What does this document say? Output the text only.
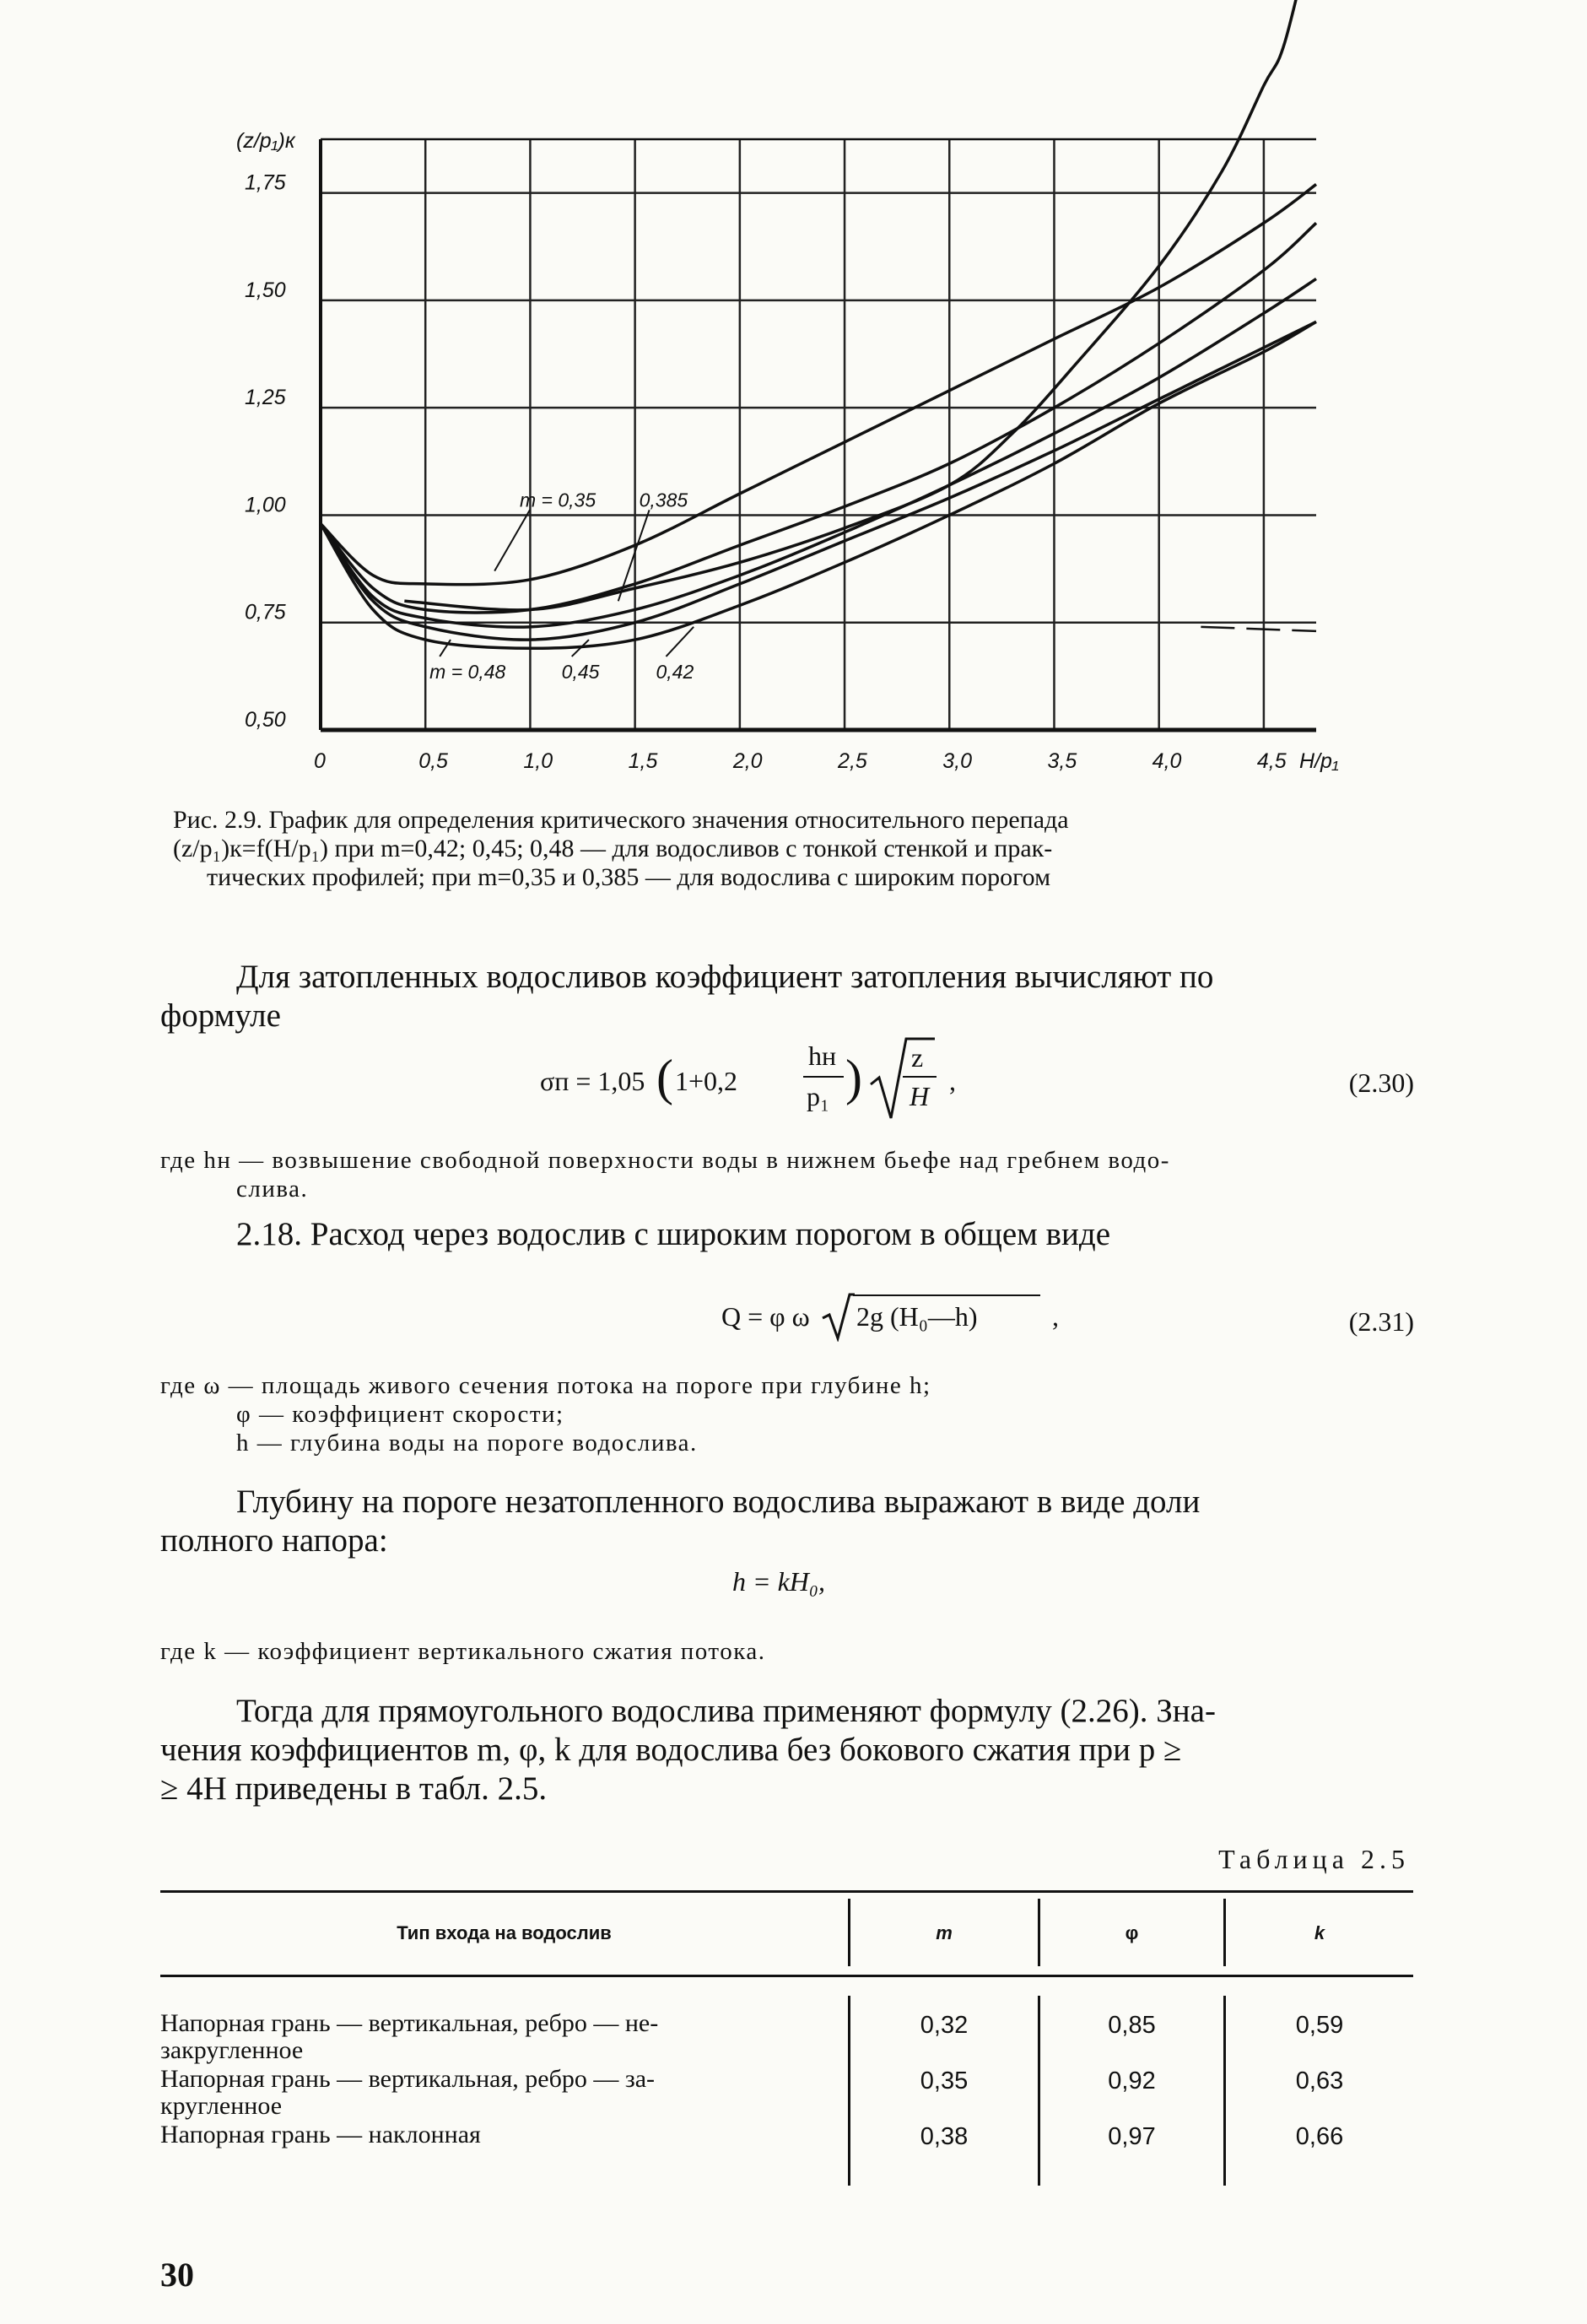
0	0,5	1,0	1,5	2,0	2,5	3,0	3,5	4,0	4,5 H/p₁
0,50
0,75
1,00
1,25
1,50
1,75
(z/p₁)к
m = 0,35 0,385
m = 0,48	0,45	0,42
Рис. 2.9. График для определения критического значения относительного перепада
(z/p₁)к=f(H/p₁) при m=0,42; 0,45; 0,48 — для водосливов с тонкой стенкой и прак-
тических профилей; при m=0,35 и 0,385 — для водослива с широким порогом
Для затопленных водосливов коэффициент затопления вычисляют по
формуле
σп = 1,05 ( 1+0,2
hн
p₁ ) z
H ,	(2.30)
где hн — возвышение свободной поверхности воды в нижнем бьефе над гребнем водо-
слива.
2.18. Расход через водослив с широким порогом в общем виде
Q = φ ω 2g (H₀—h)	,	(2.31)
где ω — площадь живого сечения потока на пороге при глубине h;
φ — коэффициент скорости;
h — глубина воды на пороге водослива.
Глубину на пороге незатопленного водослива выражают в виде доли
полного напора:
h = kH₀,
где k — коэффициент вертикального сжатия потока.
Тогда для прямоугольного водослива применяют формулу (2.26). Зна-
чения коэффициентов m, φ, k для водослива без бокового сжатия при p ≥
≥ 4H приведены в табл. 2.5.
Таблица 2.5
Тип входа на водослив	m	φ	k
Напорная грань — вертикальная, ребро — не-
закругленное
0,32	0,85	0,59
Напорная грань — вертикальная, ребро — за-
кругленное
0,35	0,92	0,63
Напорная грань — наклонная	0,38	0,97	0,66
30
